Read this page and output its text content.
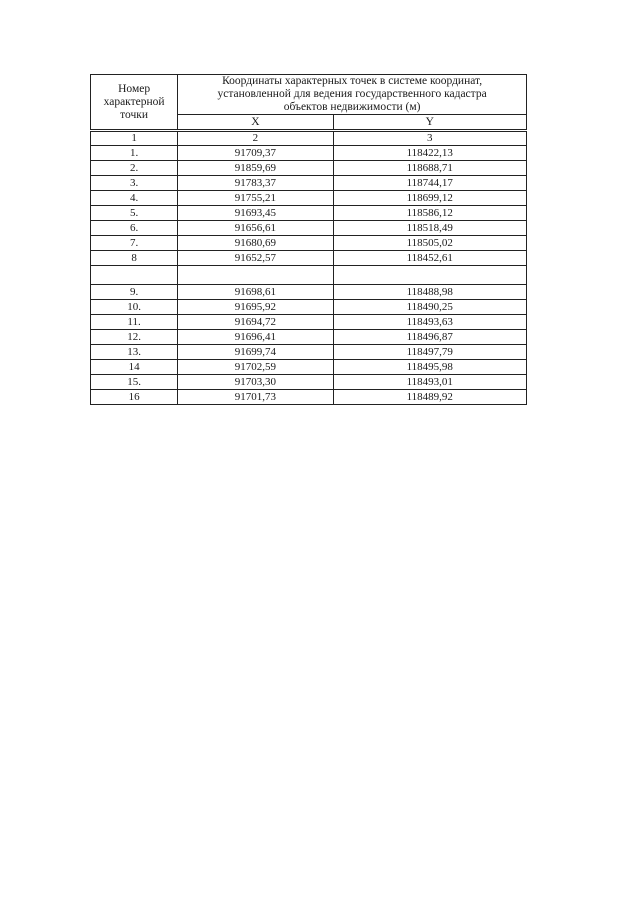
Номер
характерной
точки	Координаты характерных точек в системе координат,
установленной для ведения государственного кадастра
объектов недвижимости (м)	

	X	Y
1	2	3
1.	91709,37	118422,13
2.	91859,69	118688,71
3.	91783,37	118744,17
4.	91755,21	118699,12
5.	91693,45	118586,12
6.	91656,61	118518,49
7.	91680,69	118505,02
8	91652,57	118452,61

9.	91698,61	118488,98
10.	91695,92	118490,25
11.	91694,72	118493,63
12.	91696,41	118496,87
13.	91699,74	118497,79
14	91702,59	118495,98
15.	91703,30	118493,01
16	91701,73	118489,92
